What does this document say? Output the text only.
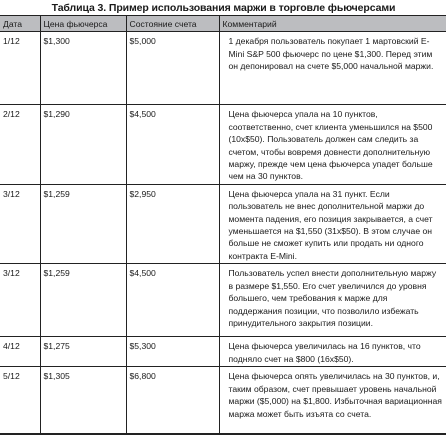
Таблица 3. Пример использования маржи в торговле фьючерсами
Дата	Цена фьючерса	Состояние счета	Комментарий
1/12	$1,300	$5,000	1 декабря пользователь покупает 1 мартовский E-Mini S&P 500 фьючерс по цене $1,300. Перед этим он депонировал на счете $5,000 начальной маржи.
2/12	$1,290	$4,500	Цена фьючерса упала на 10 пунктов, соответственно, счет клиента уменьшился на $500 (10х$50). Пользователь должен сам следить за счетом, чтобы вовремя довнести дополнительную маржу, прежде чем цена фьючерса упадет больше чем на 30 пунктов.
3/12	$1,259	$2,950	Цена фьючерса упала на 31 пункт. Если пользователь не внес дополнительной маржи до момента падения, его позиция закрывается, а счет уменьшается на $1,550 (31х$50). В этом случае он больше не сможет купить или продать ни одного контракта E-Mini.
3/12	$1,259	$4,500	Пользователь успел внести дополнительную маржу в размере $1,550. Его счет увеличился до уровня большего, чем требования к марже для поддержания позиции, что позволило избежать принудительного закрытия позиции.
4/12	$1,275	$5,300	Цена фьючерса увеличилась на 16 пунктов, что подняло счет на $800 (16х$50).
5/12	$1,305	$6,800	Цена фьючерса опять увеличилась на 30 пунктов, и, таким образом, счет превышает уровень начальной маржи ($5,000) на $1,800. Избыточная вариационная маржа может быть изъята со счета.
